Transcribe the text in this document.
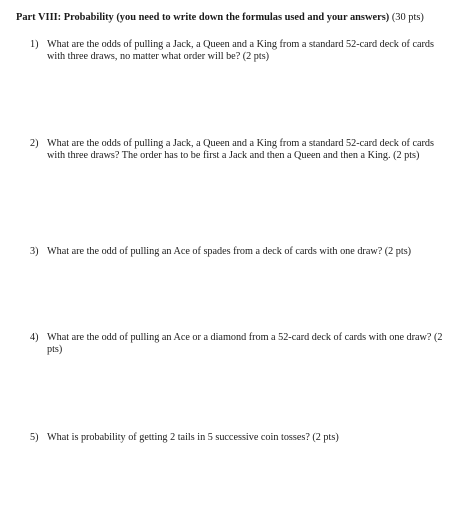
Part VIII: Probability (you need to write down the formulas used and your answers) (30 pts)
1) What are the odds of pulling a Jack, a Queen and a King from a standard 52-card deck of cards with three draws, no matter what order will be? (2 pts)
2) What are the odds of pulling a Jack, a Queen and a King from a standard 52-card deck of cards with three draws? The order has to be first a Jack and then a Queen and then a King. (2 pts)
3) What are the odd of pulling an Ace of spades from a deck of cards with one draw? (2 pts)
4) What are the odd of pulling an Ace or a diamond from a 52-card deck of cards with one draw? (2 pts)
5) What is probability of getting 2 tails in 5 successive coin tosses? (2 pts)
